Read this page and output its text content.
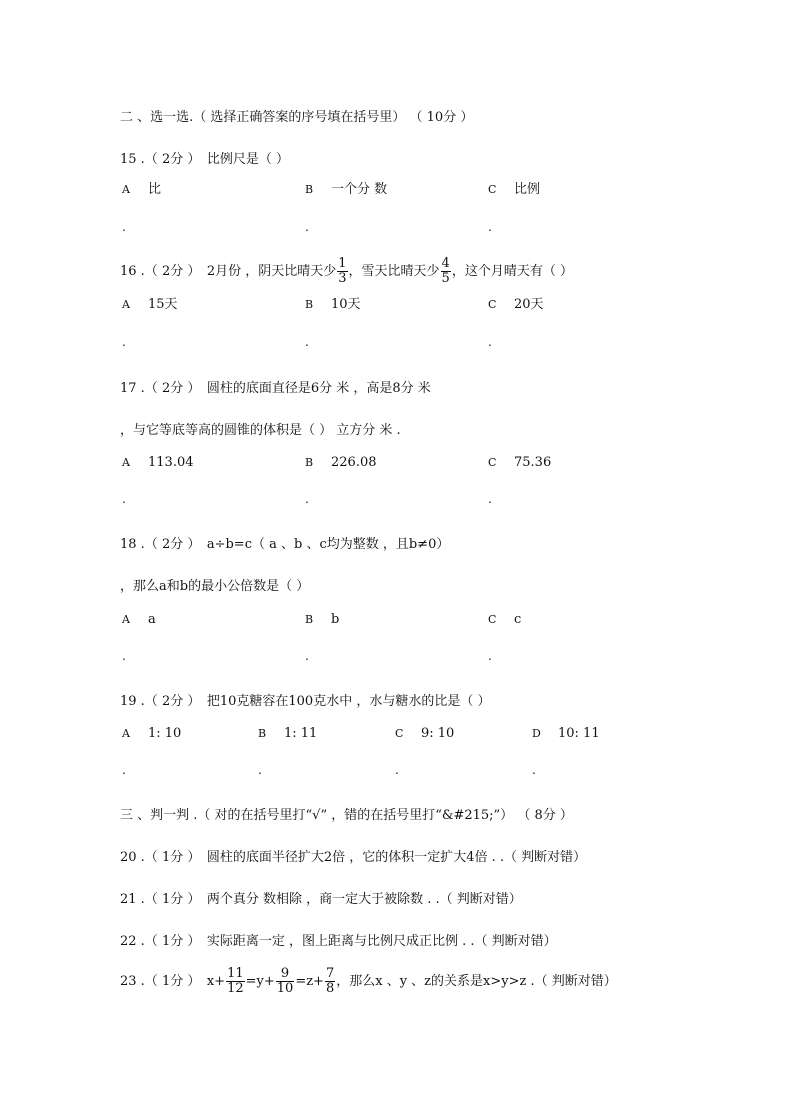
二 、选一选.（ 选择正确答案的序号填在括号里） （ 10分 ）
15 .（ 2分 ）　比例尺是（ ）
A 比	B 一个分 数	C 比例
.	.	.
16 .（ 2分 ）　2月份 ，阴天比晴天少 $\frac{1}{3}$ ，雪天比晴天少 $\frac{4}{5}$ ，这个月晴天有（ ）
A 15天	B 10天	C 20天
.	.	.
17 .（ 2分 ）　圆柱的底面直径是6分 米 ，高是8分 米
，与它等底等高的圆锥的体积是（ ） 立方分 米 .
A 113.04	B 226.08	C 75.36
.	.	.
18 .（ 2分 ）　a÷b=c（ a 、b 、c均为整数 ，且b≠0）
，那么a和b的最小公倍数是（ ）
A a	B b	C c
.	.	.
19 .（ 2分 ）　把10克糖容在100克水中 ，水与糖水的比是（ ）
A 1: 10	B 1: 11	C 9: 10	D 10: 11
.	.	.	.
三 、判一判 .（ 对的在括号里打“√” ，错的在括号里打“&#215;”） （ 8分 ）
20 .（ 1分 ）　圆柱的底面半径扩大2倍 ，它的体积一定扩大4倍 . .（ 判断对错）
21 .（ 1分 ）　两个真分 数相除 ，商一定大于被除数 . .（ 判断对错）
22 .（ 1分 ）　实际距离一定 ，图上距离与比例尺成正比例 . .（ 判断对错）
23 .（ 1分 ）　$x+ \frac{11}{12} =y+ \frac{9}{10} =z+ \frac{7}{8}$ ，那么x 、y 、z的关系是x>y>z .（ 判断对错）
